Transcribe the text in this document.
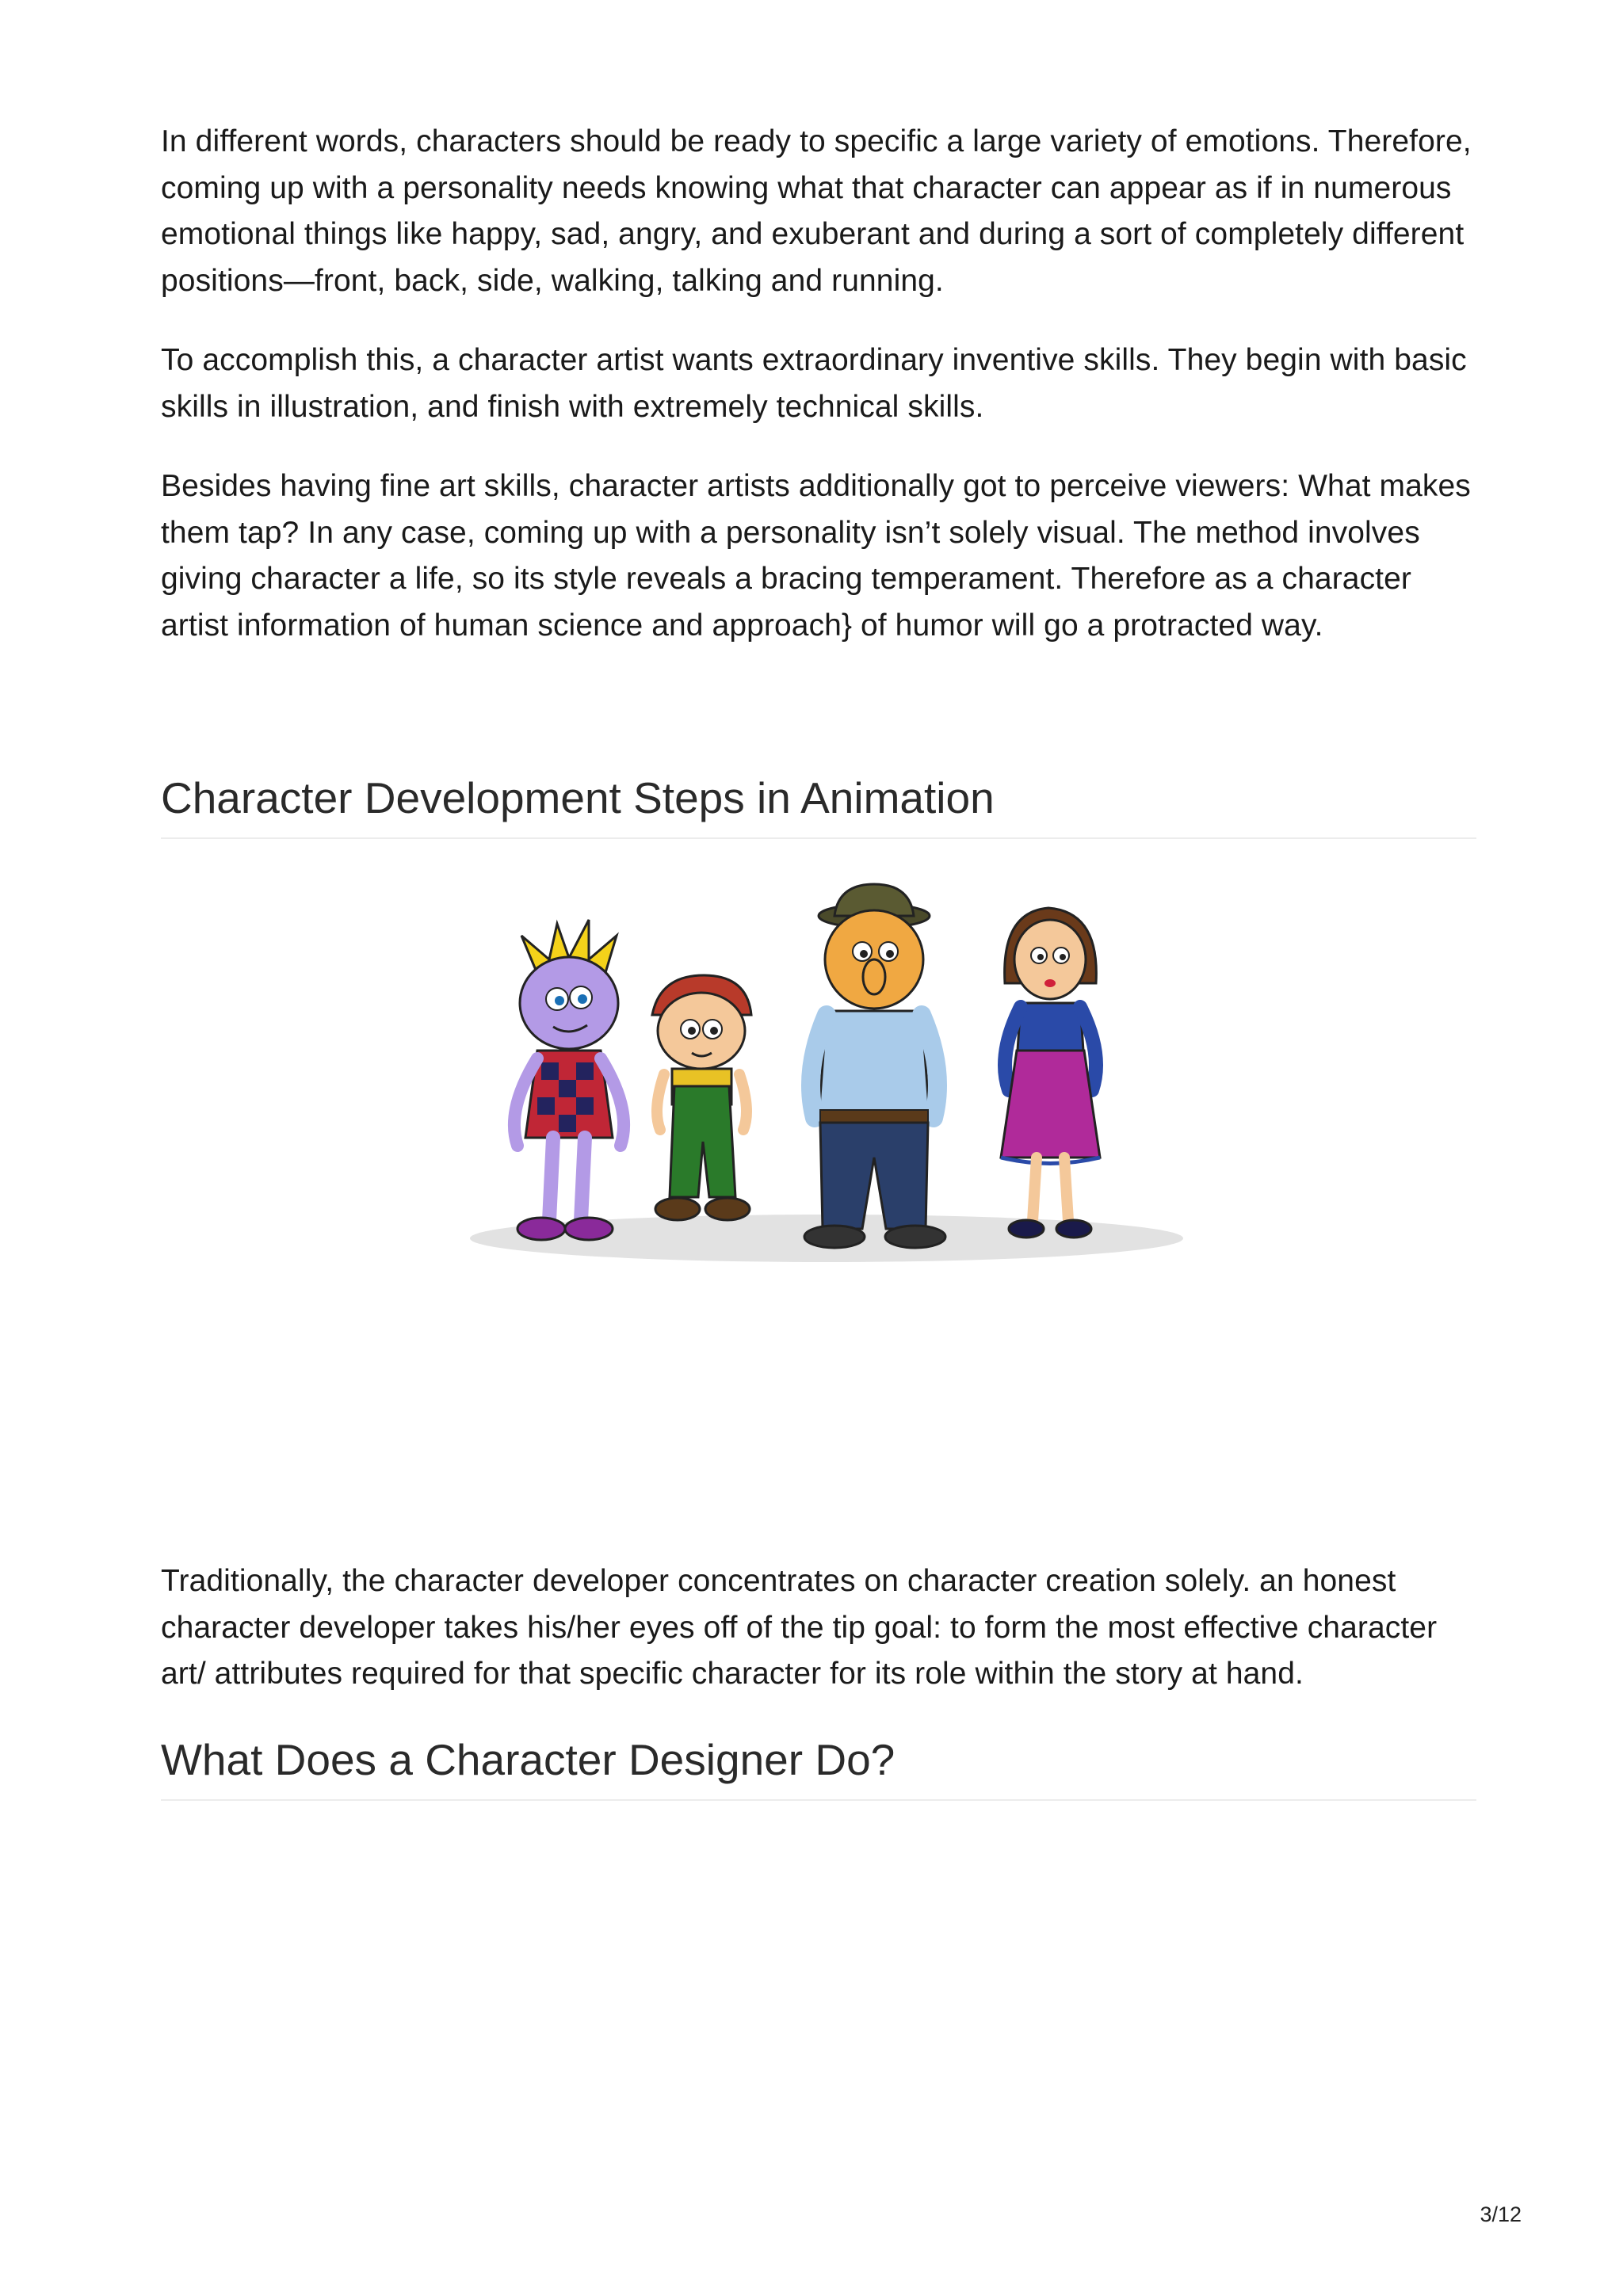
In different words, characters should be ready to specific a large variety of emotions. Therefore, coming up with a personality needs knowing what that character can appear as if in numerous emotional things like happy, sad, angry, and exuberant and during a sort of completely different positions—front, back, side, walking, talking and running.

To accomplish this, a character artist wants extraordinary inventive skills. They begin with basic skills in illustration, and finish with extremely technical skills.

Besides having fine art skills, character artists additionally got to perceive viewers: What makes them tap? In any case, coming up with a personality isn’t solely visual. The method involves giving character a life, so its style reveals a bracing temperament. Therefore as a character artist information of human science and approach} of humor will go a protracted way.

Character Development Steps in Animation

Traditionally, the character developer concentrates on character creation solely. an honest character developer takes his/her eyes off of the tip goal: to form the most effective character art/ attributes required for that specific character for its role within the story at hand.

What Does a Character Designer Do?
3/12
